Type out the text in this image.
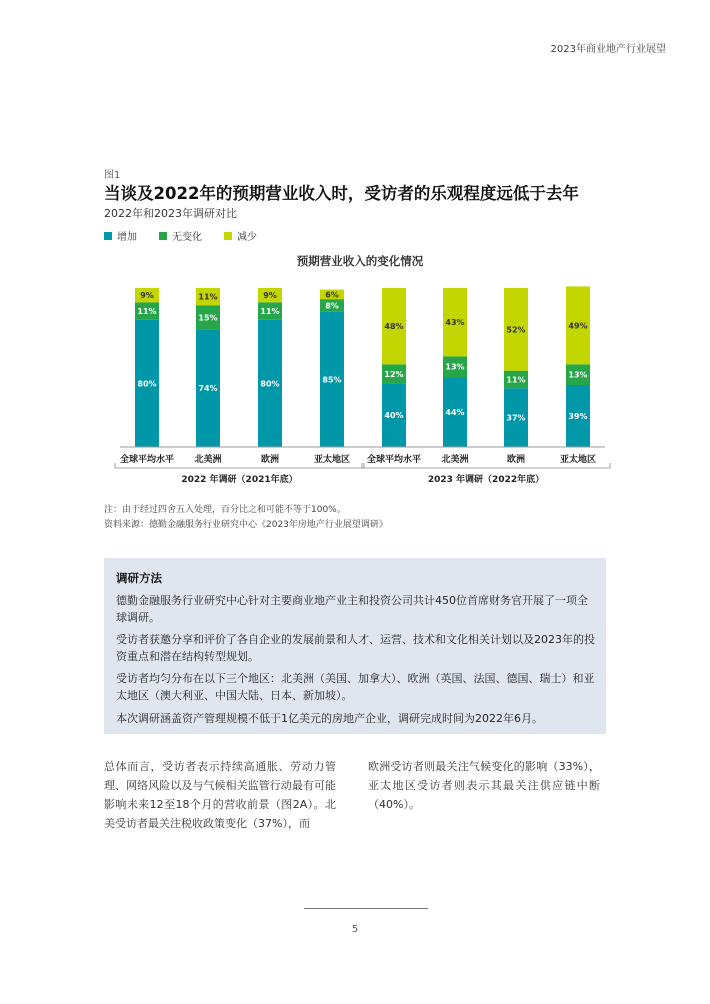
2023年商业地产行业展望
图1
当谈及2022年的预期营业收入时，受访者的乐观程度远低于去年
2022年和2023年调研对比
增加	无变化	减少
预期营业收入的变化情况
80%
11%
9%
全球平均水平
74%
15%
11%
北美洲
80%
11%
9%
欧洲
85%
8%
6%
亚太地区
40%
12%
48%
全球平均水平
44%
13%
43%
北美洲
37%
11%
52%
欧洲
39%
13%
49%
亚太地区
2022 年调研（2021年底）	2023 年调研（2022年底）
注：由于经过四舍五入处理，百分比之和可能不等于100%。
资料来源：德勤金融服务行业研究中心《2023年房地产行业展望调研》
调研方法
德勤金融服务行业研究中心针对主要商业地产业主和投资公司共计450位首席财务官开展了一项全球调研。
受访者获邀分享和评价了各自企业的发展前景和人才、运营、技术和文化相关计划以及2023年的投资重点和潜在结构转型规划。
受访者均匀分布在以下三个地区：北美洲（美国、加拿大）、欧洲（英国、法国、德国、瑞士）和亚太地区（澳大利亚、中国大陆、日本、新加坡）。
本次调研涵盖资产管理规模不低于1亿美元的房地产企业，调研完成时间为2022年6月。
总体而言，受访者表示持续高通胀、劳动力管理、网络风险以及与气候相关监管行动最有可能影响未来12至18个月的营收前景（图2A）。北美受访者最关注税收政策变化（37%），而
欧洲受访者则最关注气候变化的影响（33%），亚太地区受访者则表示其最关注供应链中断（40%）。
5
